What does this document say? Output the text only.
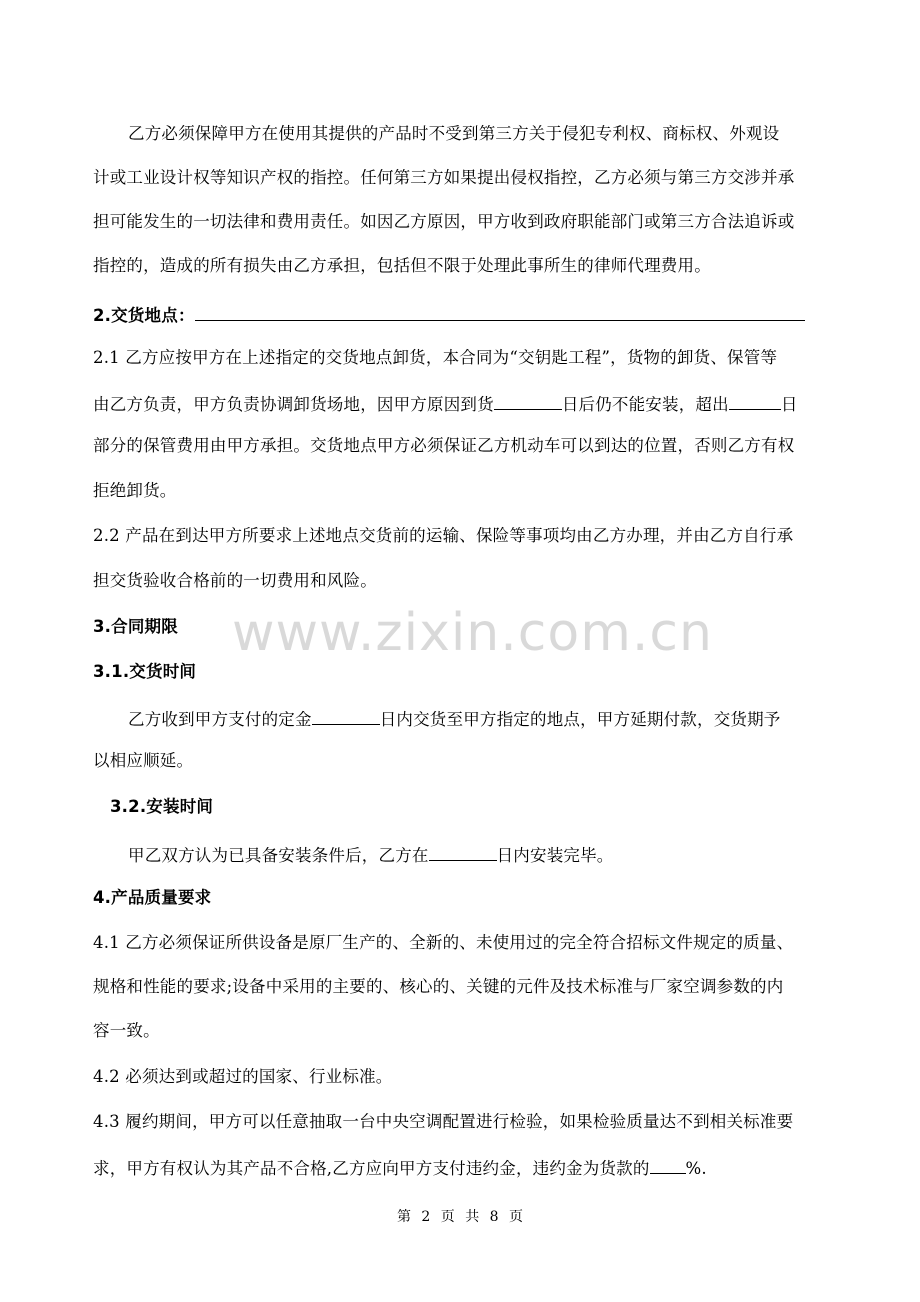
www.zixin.com.cn
乙方必须保障甲方在使用其提供的产品时不受到第三方关于侵犯专利权、商标权、外观设
计或工业设计权等知识产权的指控。任何第三方如果提出侵权指控，乙方必须与第三方交涉并承
担可能发生的一切法律和费用责任。如因乙方原因，甲方收到政府职能部门或第三方合法追诉或
指控的，造成的所有损失由乙方承担，包括但不限于处理此事所生的律师代理费用。
2.交货地点：
2.1 乙方应按甲方在上述指定的交货地点卸货，本合同为“交钥匙工程”，货物的卸货、保管等
由乙方负责，甲方负责协调卸货场地，因甲方原因到货	日后仍不能安装，超出	日
部分的保管费用由甲方承担。交货地点甲方必须保证乙方机动车可以到达的位置，否则乙方有权
拒绝卸货。
2.2 产品在到达甲方所要求上述地点交货前的运输、保险等事项均由乙方办理，并由乙方自行承
担交货验收合格前的一切费用和风险。
3.合同期限
3.1.交货时间
乙方收到甲方支付的定金	日内交货至甲方指定的地点，甲方延期付款，交货期予
以相应顺延。
3.2.安装时间
甲乙双方认为已具备安装条件后，乙方在	日内安装完毕。
4.产品质量要求
4.1 乙方必须保证所供设备是原厂生产的、全新的、未使用过的完全符合招标文件规定的质量、
规格和性能的要求;设备中采用的主要的、核心的、关键的元件及技术标准与厂家空调参数的内
容一致。
4.2 必须达到或超过的国家、行业标准。
4.3 履约期间，甲方可以任意抽取一台中央空调配置进行检验，如果检验质量达不到相关标准要
求，甲方有权认为其产品不合格,乙方应向甲方支付违约金，违约金为货款的 %.
第 2 页 共 8 页
